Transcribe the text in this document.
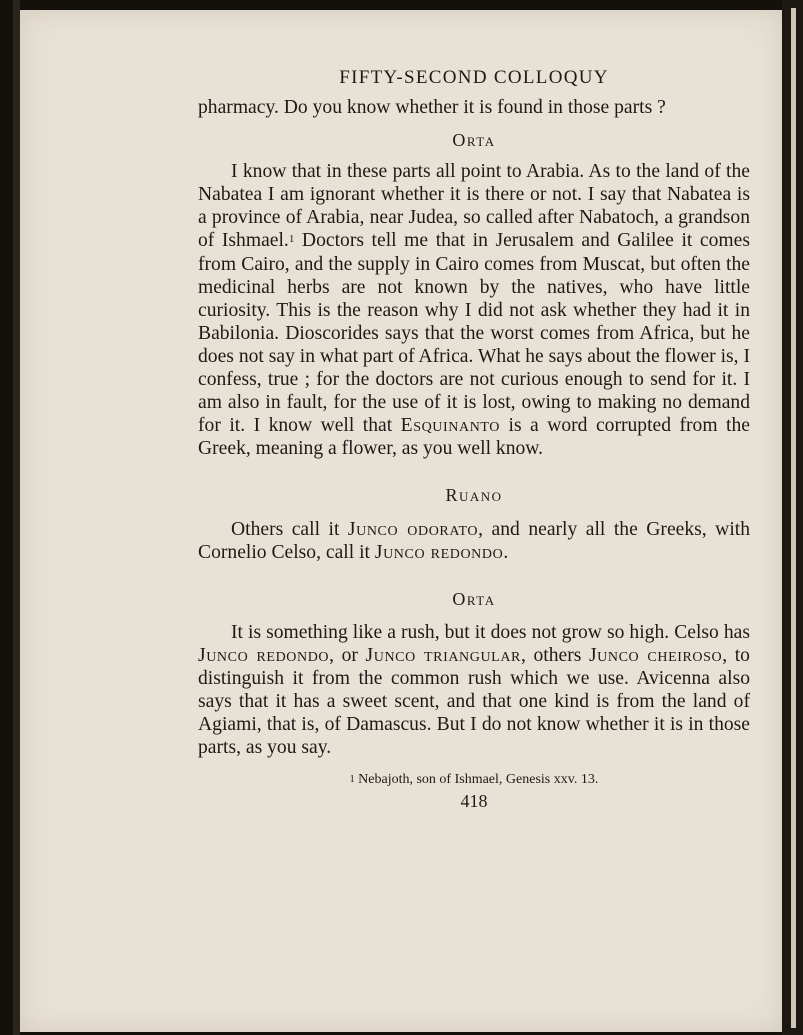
FIFTY-SECOND COLLOQUY

pharmacy. Do you know whether it is found in those parts ?

Orta

I know that in these parts all point to Arabia. As to the land of the Nabatea I am ignorant whether it is there or not. I say that Nabatea is a province of Arabia, near Judea, so called after Nabatoch, a grandson of Ishmael.$^1$ Doctors tell me that in Jerusalem and Galilee it comes from Cairo, and the supply in Cairo comes from Muscat, but often the medicinal herbs are not known by the natives, who have little curiosity. This is the reason why I did not ask whether they had it in Babilonia. Dioscorides says that the worst comes from Africa, but he does not say in what part of Africa. What he says about the flower is, I confess, true ; for the doctors are not curious enough to send for it. I am also in fault, for the use of it is lost, owing to making no demand for it. I know well that Esquinanto is a word corrupted from the Greek, meaning a flower, as you well know.

Ruano

Others call it Junco odorato, and nearly all the Greeks, with Cornelio Celso, call it Junco redondo.

Orta

It is something like a rush, but it does not grow so high. Celso has Junco redondo, or Junco triangular, others Junco cheiroso, to distinguish it from the common rush which we use. Avicenna also says that it has a sweet scent, and that one kind is from the land of Agiami, that is, of Damascus. But I do not know whether it is in those parts, as you say.

$^1$ Nebajoth, son of Ishmael, Genesis xxv. 13.
418
